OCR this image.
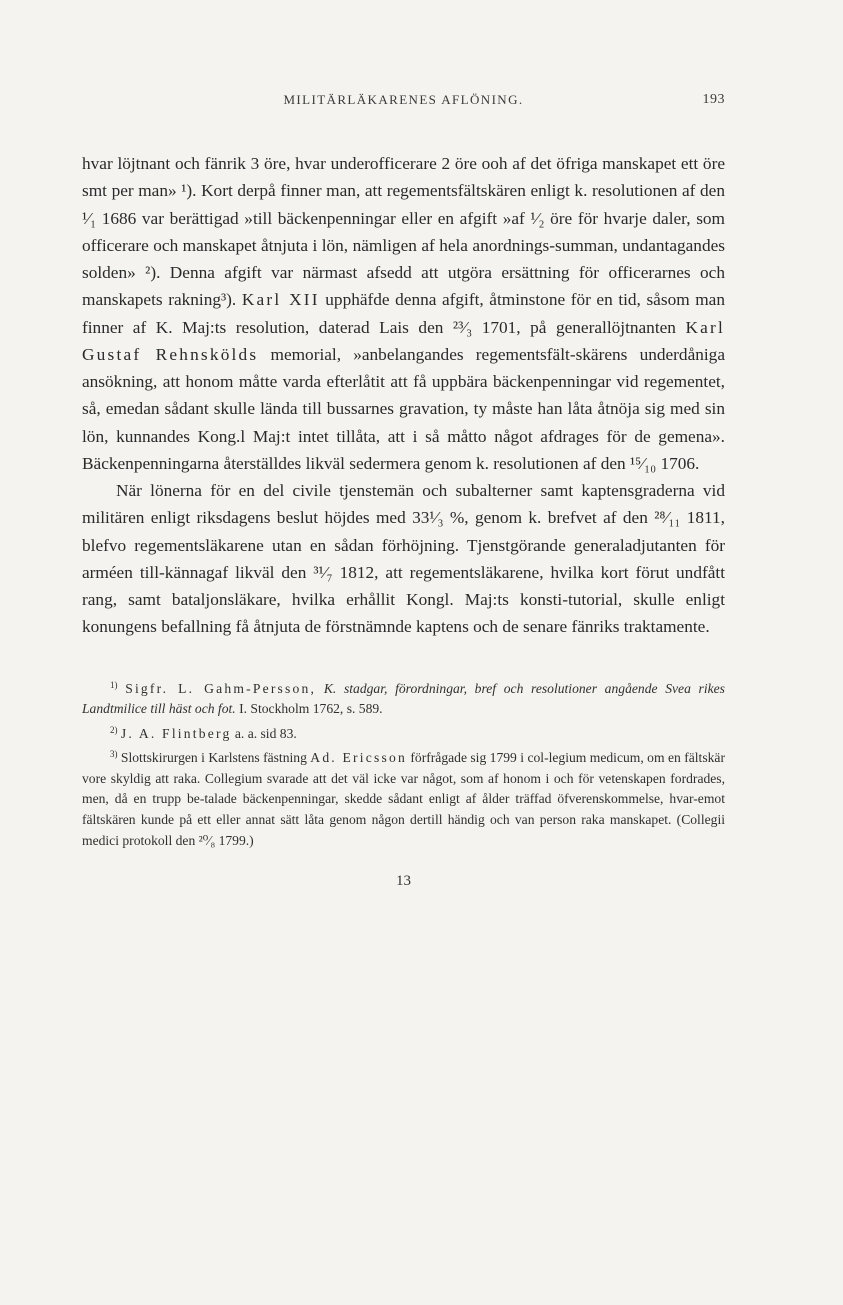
MILITÄRLÄKARENES AFLÖNING.	193

hvar löjtnant och fänrik 3 öre, hvar underofficerare 2 öre ooh af det öfriga manskapet ett öre smt per man» ¹). Kort derpå finner man, att regementsfältskären enligt k. resolutionen af den ¹⁄₁ 1686 var berättigad »till bäckenpenningar eller en afgift »af ¹⁄₂ öre för hvarje daler, som officerare och manskapet åtnjuta i lön, nämligen af hela anordnings-summan, undantagandes solden» ²). Denna afgift var närmast afsedd att utgöra ersättning för officerarnes och manskapets rakning³). Karl XII upphäfde denna afgift, åtminstone för en tid, såsom man finner af K. Maj:ts resolution, daterad Lais den ²³⁄₃ 1701, på generallöjtnanten Karl Gustaf Rehnskölds memorial, »anbelangandes regementsfält-skärens underdåniga ansökning, att honom måtte varda efterlåtit att få uppbära bäckenpenningar vid regementet, så, emedan sådant skulle lända till bussarnes gravation, ty måste han låta åtnöja sig med sin lön, kunnandes Kong.l Maj:t intet tillåta, att i så måtto något afdrages för de gemena». Bäckenpenningarna återställdes likväl sedermera genom k. resolutionen af den ¹⁵⁄₁₀ 1706.

När lönerna för en del civile tjenstemän och subalterner samt kaptensgraderna vid militären enligt riksdagens beslut höjdes med 33¹⁄₃ %, genom k. brefvet af den ²⁸⁄₁₁ 1811, blefvo regementsläkarene utan en sådan förhöjning. Tjenstgörande generaladjutanten för arméen till-kännagaf likväl den ³¹⁄₇ 1812, att regementsläkarene, hvilka kort förut undfått rang, samt bataljonsläkare, hvilka erhållit Kongl. Maj:ts konsti-tutorial, skulle enligt konungens befallning få åtnjuta de förstnämnde kaptens och de senare fänriks traktamente.

$^{1)}$ Sigfr. L. Gahm-Persson, K. stadgar, förordningar, bref och resolutioner angående Svea rikes Landtmilice till häst och fot. I. Stockholm 1762, s. 589.

$^{2)}$ J. A. Flintberg a. a. sid 83.

$^{3)}$ Slottskirurgen i Karlstens fästning Ad. Ericsson förfrågade sig 1799 i col-legium medicum, om en fältskär vore skyldig att raka. Collegium svarade att det väl icke var något, som af honom i och för vetenskapen fordrades, men, då en trupp be-talade bäckenpenningar, skedde sådant enligt af ålder träffad öfverenskommelse, hvar-emot fältskären kunde på ett eller annat sätt låta genom någon dertill händig och van person raka manskapet. (Collegii medici protokoll den ²⁰⁄₈ 1799.)

13
